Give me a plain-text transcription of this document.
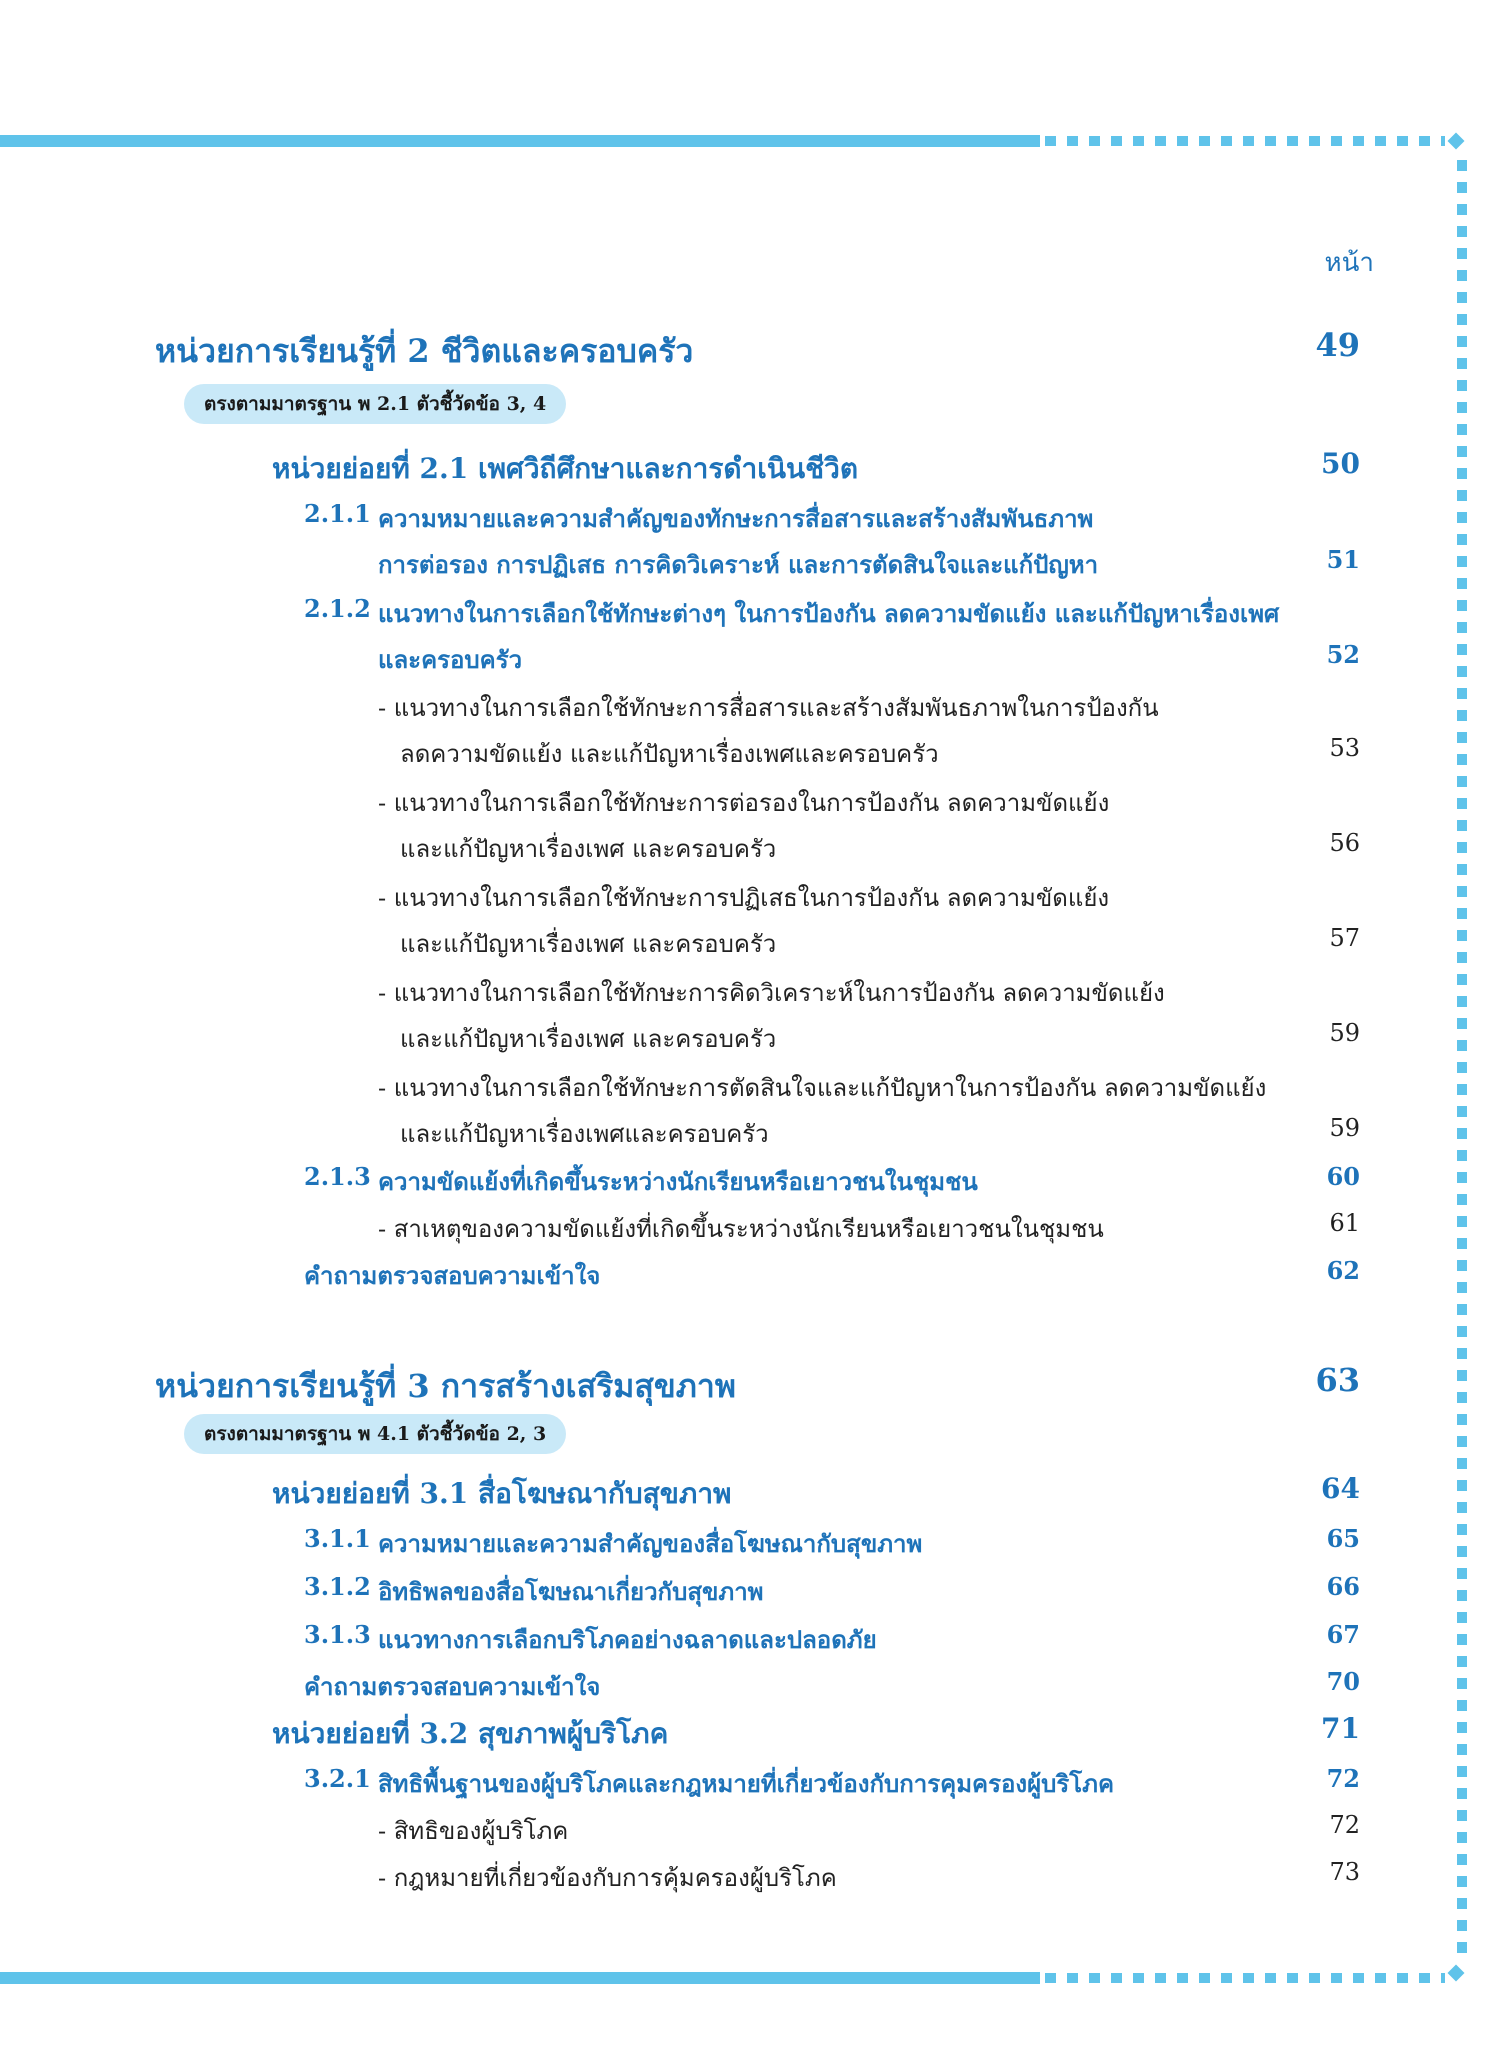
หน้า
หน่วยการเรียนรู้ที่ 2 ชีวิตและครอบครัว	49
ตรงตามมาตรฐาน พ 2.1 ตัวชี้วัดข้อ 3, 4
หน่วยย่อยที่ 2.1 เพศวิถีศึกษาและการดำเนินชีวิต	50
2.1.1 ความหมายและความสำคัญของทักษะการสื่อสารและสร้างสัมพันธภาพ
การต่อรอง การปฏิเสธ การคิดวิเคราะห์ และการตัดสินใจและแก้ปัญหา	51
2.1.2 แนวทางในการเลือกใช้ทักษะต่างๆ ในการป้องกัน ลดความขัดแย้ง และแก้ปัญหาเรื่องเพศ
และครอบครัว	52
- แนวทางในการเลือกใช้ทักษะการสื่อสารและสร้างสัมพันธภาพในการป้องกัน
ลดความขัดแย้ง และแก้ปัญหาเรื่องเพศและครอบครัว	53
- แนวทางในการเลือกใช้ทักษะการต่อรองในการป้องกัน ลดความขัดแย้ง
และแก้ปัญหาเรื่องเพศ และครอบครัว	56
- แนวทางในการเลือกใช้ทักษะการปฏิเสธในการป้องกัน ลดความขัดแย้ง
และแก้ปัญหาเรื่องเพศ และครอบครัว	57
- แนวทางในการเลือกใช้ทักษะการคิดวิเคราะห์ในการป้องกัน ลดความขัดแย้ง
และแก้ปัญหาเรื่องเพศ และครอบครัว	59
- แนวทางในการเลือกใช้ทักษะการตัดสินใจและแก้ปัญหาในการป้องกัน ลดความขัดแย้ง
และแก้ปัญหาเรื่องเพศและครอบครัว	59
2.1.3 ความขัดแย้งที่เกิดขึ้นระหว่างนักเรียนหรือเยาวชนในชุมชน	60
- สาเหตุของความขัดแย้งที่เกิดขึ้นระหว่างนักเรียนหรือเยาวชนในชุมชน	61
คำถามตรวจสอบความเข้าใจ	62
หน่วยการเรียนรู้ที่ 3 การสร้างเสริมสุขภาพ	63
ตรงตามมาตรฐาน พ 4.1 ตัวชี้วัดข้อ 2, 3
หน่วยย่อยที่ 3.1 สื่อโฆษณากับสุขภาพ	64
3.1.1 ความหมายและความสำคัญของสื่อโฆษณากับสุขภาพ	65
3.1.2 อิทธิพลของสื่อโฆษณาเกี่ยวกับสุขภาพ	66
3.1.3 แนวทางการเลือกบริโภคอย่างฉลาดและปลอดภัย	67
คำถามตรวจสอบความเข้าใจ	70
หน่วยย่อยที่ 3.2 สุขภาพผู้บริโภค	71
3.2.1 สิทธิพื้นฐานของผู้บริโภคและกฎหมายที่เกี่ยวข้องกับการคุมครองผู้บริโภค	72
- สิทธิของผู้บริโภค	72
- กฎหมายที่เกี่ยวข้องกับการคุ้มครองผู้บริโภค	73
